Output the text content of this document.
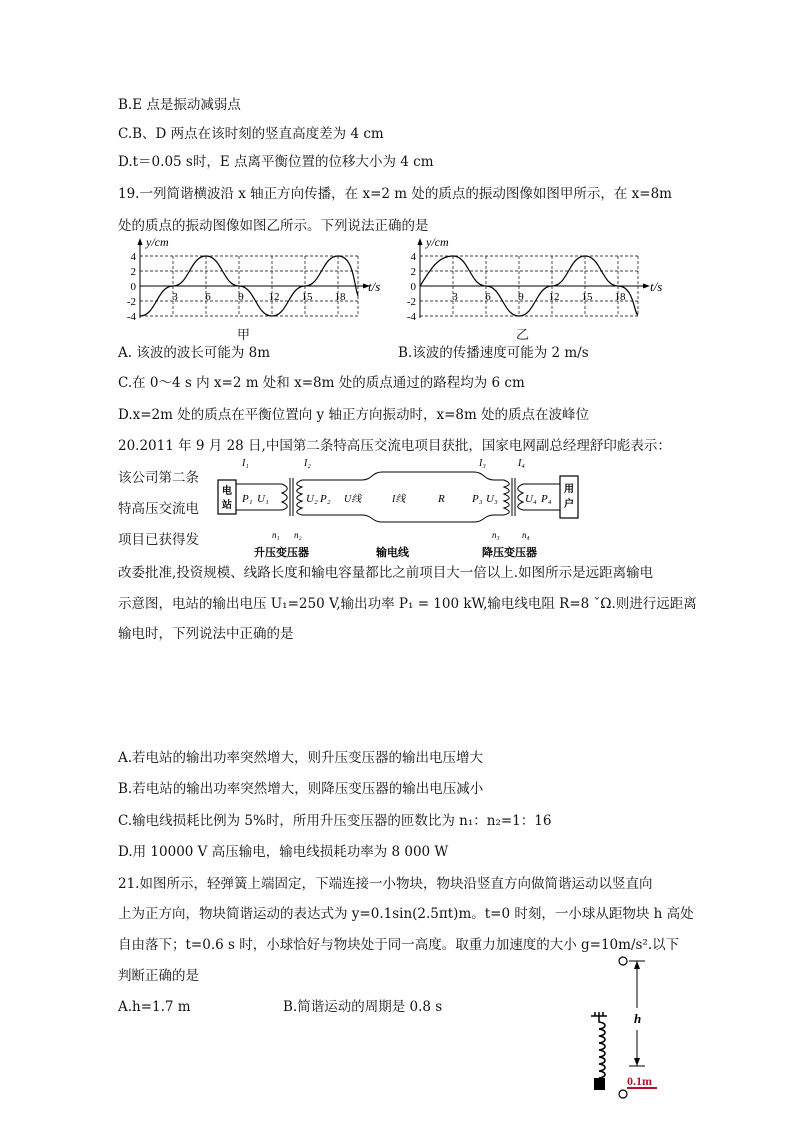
B.E 点是振动减弱点
C.B、D 两点在该时刻的竖直高度差为 4 cm
D.t＝0.05 s时，E 点离平衡位置的位移大小为 4 cm
19.一列简谐横波沿 x 轴正方向传播，在 x=2 m 处的质点的振动图像如图甲所示，在 x=8m
处的质点的振动图像如图乙所示。下列说法正确的是
y/cm
t/s
4
2
0
-2
-4
3	6	9 12 15 18
甲
y/cm
t/s
4
2
0
-2
-4
3	6	9 12 15 18
乙
A. 该波的波长可能为 8m	B.该波的传播速度可能为 2 m/s
C.在 0～4 s 内 x=2 m 处和 x=8m 处的质点通过的路程均为 6 cm
D.x=2m 处的质点在平衡位置向 y 轴正方向振动时，x=8m 处的质点在波峰位
20.2011 年 9 月 28 日,中国第二条特高压交流电项目获批，国家电网副总经理舒印彪表示：
该公司第二条
特高压交流电
项目已获得发
I₁	I₂	I₃	I₄
电
站
P₁ U₁	U₂ P₂ U线	I线	R P₃ U₃ U₄ P₄
用
户
n₁ n₂	n₃ n₄
升压变压器	输电线	降压变压器
改委批准,投资规模、线路长度和输电容量都比之前项目大一倍以上.如图所示是远距离输电
示意图，电站的输出电压 U₁=250 V,输出功率 P₁ = 100 kW,输电线电阻 R=8 ˇΩ.则进行远距离
输电时，下列说法中正确的是
A.若电站的输出功率突然增大，则升压变压器的输出电压增大
B.若电站的输出功率突然增大，则降压变压器的输出电压减小
C.输电线损耗比例为 5%时，所用升压变压器的匝数比为 n₁：n₂=1：16
D.用 10000 V 高压输电，输电线损耗功率为 8 000 W
21.如图所示，轻弹簧上端固定，下端连接一小物块，物块沿竖直方向做简谐运动以竖直向
上为正方向，物块简谐运动的表达式为 y=0.1sin(2.5πt)m。t=0 时刻，一小球从距物块 h 高处
自由落下；t=0.6 s 时，小球恰好与物块处于同一高度。取重力加速度的大小 g=10m/s².以下
判断正确的是
A.h=1.7 m	B.简谐运动的周期是 0.8 s
h
0.1m
